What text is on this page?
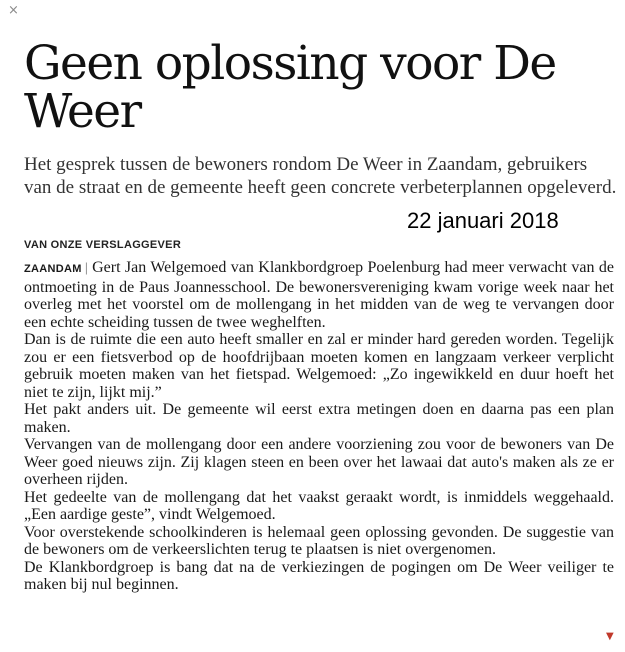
×
Geen oplossing voor De Weer

Het gesprek tussen de bewoners rondom De Weer in Zaandam, gebruikers van de straat en de gemeente heeft geen concrete verbeterplannen opgeleverd.

22 januari 2018
VAN ONZE VERSLAGGEVER

ZAANDAM | Gert Jan Welgemoed van Klankbordgroep Poelenburg had meer verwacht van de ontmoeting in de Paus Joannesschool. De bewonersvereniging kwam vorige week naar het overleg met het voorstel om de mollengang in het midden van de weg te vervangen door een echte scheiding tussen de twee weghelften.

Dan is de ruimte die een auto heeft smaller en zal er minder hard gereden worden. Tegelijk zou er een fietsverbod op de hoofdrijbaan moeten komen en langzaam verkeer verplicht gebruik moeten maken van het fietspad. Welgemoed: „Zo ingewikkeld en duur hoeft het niet te zijn, lijkt mij.”

Het pakt anders uit. De gemeente wil eerst extra metingen doen en daarna pas een plan maken.

Vervangen van de mollengang door een andere voorziening zou voor de bewoners van De Weer goed nieuws zijn. Zij klagen steen en been over het lawaai dat auto's maken als ze er overheen rijden.

Het gedeelte van de mollengang dat het vaakst geraakt wordt, is inmiddels weggehaald. „Een aardige geste”, vindt Welgemoed.

Voor overstekende schoolkinderen is helemaal geen oplossing gevonden. De suggestie van de bewoners om de verkeerslichten terug te plaatsen is niet overgenomen.

De Klankbordgroep is bang dat na de verkiezingen de pogingen om De Weer veiliger te maken bij nul beginnen.

▼
